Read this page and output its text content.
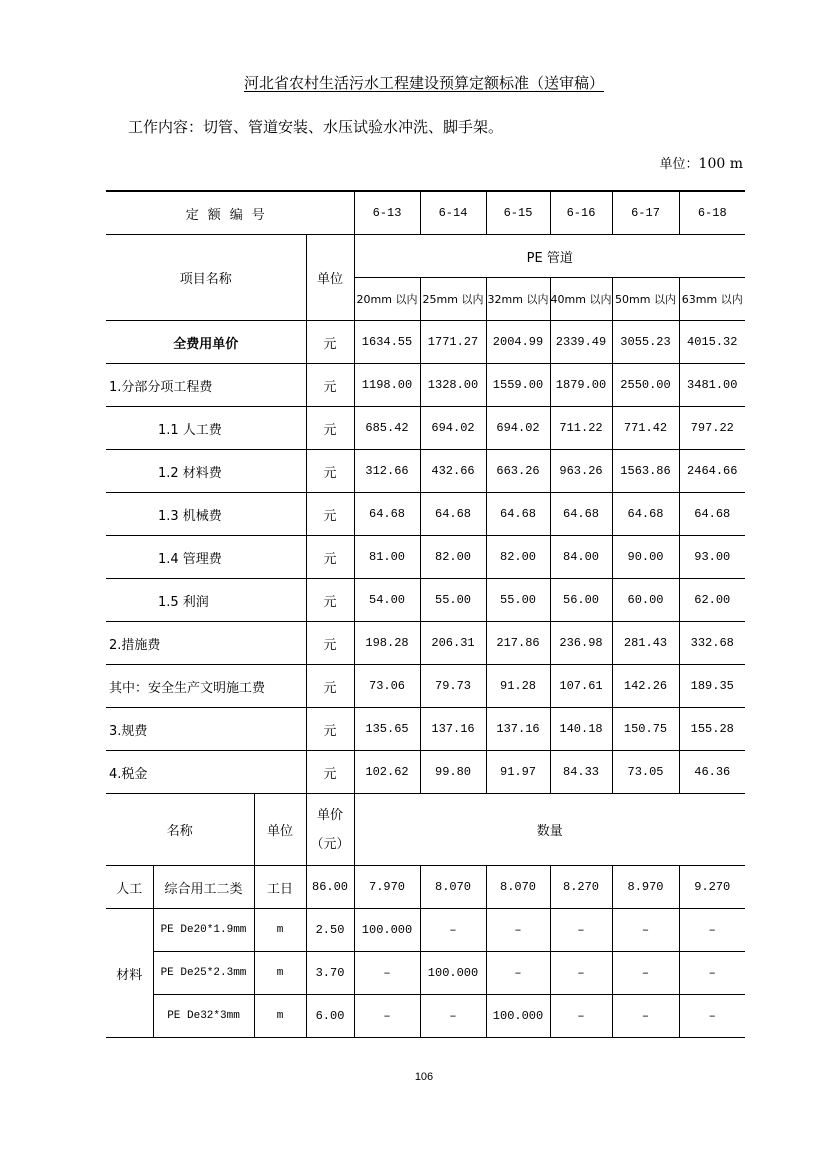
河北省农村生活污水工程建设预算定额标准（送审稿）
工作内容：切管、管道安装、水压试验水冲洗、脚手架。
单位：100 m
定额编号				6-13	6-14	6-15	6-16	6-17	6-18
项目名称			单位	PE 管道					
				20mm 以内	25mm 以内	32mm 以内	40mm 以内	50mm 以内	63mm 以内
全费用单价			元	1634.55	1771.27	2004.99	2339.49	3055.23	4015.32
1.分部分项工程费			元	1198.00	1328.00	1559.00	1879.00	2550.00	3481.00
1.1 人工费			元	685.42	694.02	694.02	711.22	771.42	797.22
1.2 材料费			元	312.66	432.66	663.26	963.26	1563.86	2464.66
1.3 机械费			元	64.68	64.68	64.68	64.68	64.68	64.68
1.4 管理费			元	81.00	82.00	82.00	84.00	90.00	93.00
1.5 利润			元	54.00	55.00	55.00	56.00	60.00	62.00
2.措施费			元	198.28	206.31	217.86	236.98	281.43	332.68
其中：安全生产文明施工费			元	73.06	79.73	91.28	107.61	142.26	189.35
3.规费			元	135.65	137.16	137.16	140.18	150.75	155.28
4.税金			元	102.62	99.80	91.97	84.33	73.05	46.36
名称		单位	单价
（元）	数量					
人工	综合用工二类	工日	86.00	7.970	8.070	8.070	8.270	8.970	9.270
材料	PE De20*1.9mm	m	2.50	100.000	–	–	–	–	–
	PE De25*2.3mm	m	3.70	–	100.000	–	–	–	–
	PE De32*3mm	m	6.00	–	–	100.000	–	–	–
106
